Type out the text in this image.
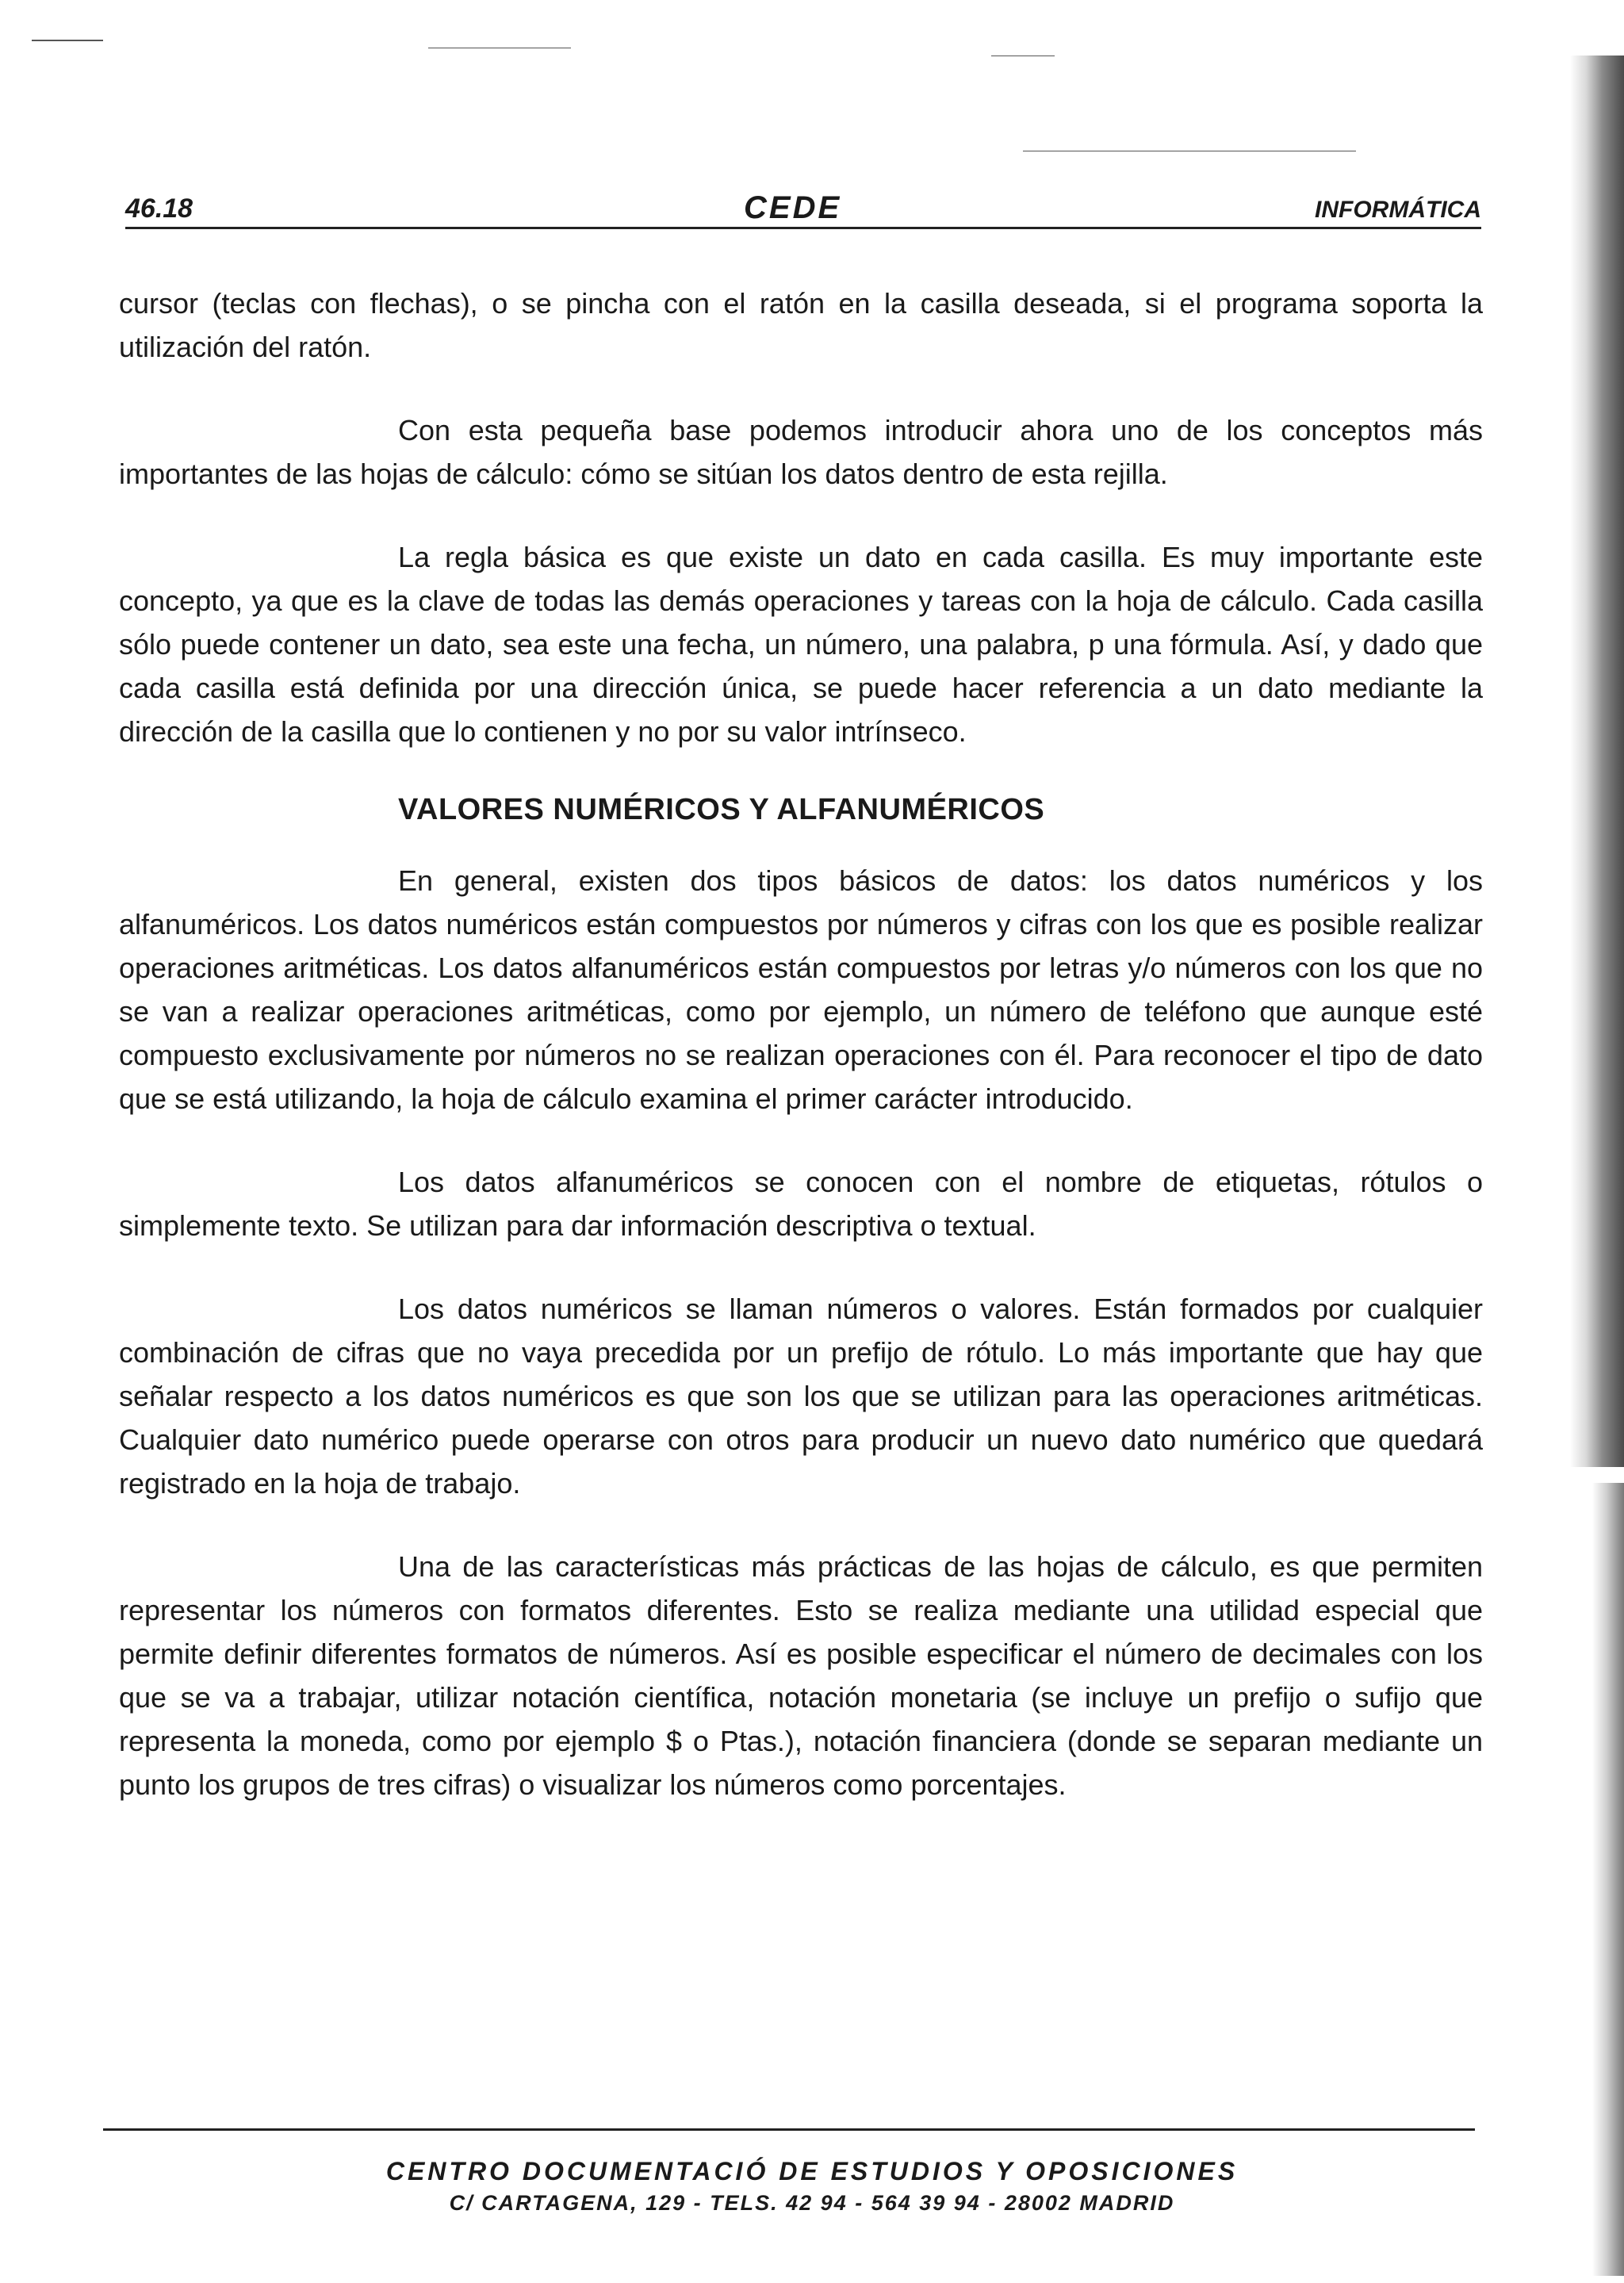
46.18	CEDE	INFORMÁTICA

cursor (teclas con flechas), o se pincha con el ratón en la casilla deseada, si el programa soporta la utilización del ratón.

Con esta pequeña base podemos introducir ahora uno de los conceptos más importantes de las hojas de cálculo: cómo se sitúan los datos dentro de esta rejilla.

La regla básica es que existe un dato en cada casilla. Es muy importante este concepto, ya que es la clave de todas las demás operaciones y tareas con la hoja de cálculo. Cada casilla sólo puede contener un dato, sea este una fecha, un número, una palabra, p una fórmula. Así, y dado que cada casilla está definida por una dirección única, se puede hacer referencia a un dato mediante la dirección de la casilla que lo contienen y no por su valor intrínseco.

VALORES NUMÉRICOS Y ALFANUMÉRICOS

En general, existen dos tipos básicos de datos: los datos numéricos y los alfanuméricos. Los datos numéricos están compuestos por números y cifras con los que es posible realizar operaciones aritméticas. Los datos alfanuméricos están compuestos por letras y/o números con los que no se van a realizar operaciones aritméticas, como por ejemplo, un número de teléfono que aunque esté compuesto exclusivamente por números no se realizan operaciones con él. Para reconocer el tipo de dato que se está utilizando, la hoja de cálculo examina el primer carácter introducido.

Los datos alfanuméricos se conocen con el nombre de etiquetas, rótulos o simplemente texto. Se utilizan para dar información descriptiva o textual.

Los datos numéricos se llaman números o valores. Están formados por cualquier combinación de cifras que no vaya precedida por un prefijo de rótulo. Lo más importante que hay que señalar respecto a los datos numéricos es que son los que se utilizan para las operaciones aritméticas. Cualquier dato numérico puede operarse con otros para producir un nuevo dato numérico que quedará registrado en la hoja de trabajo.

Una de las características más prácticas de las hojas de cálculo, es que permiten representar los números con formatos diferentes. Esto se realiza mediante una utilidad especial que permite definir diferentes formatos de números. Así es posible especificar el número de decimales con los que se va a trabajar, utilizar notación científica, notación monetaria (se incluye un prefijo o sufijo que representa la moneda, como por ejemplo $ o Ptas.), notación financiera (donde se separan mediante un punto los grupos de tres cifras) o visualizar los números como porcentajes.

CENTRO DOCUMENTACIÓ DE ESTUDIOS Y OPOSICIONES
C/ CARTAGENA, 129 - TELS. 42 94 - 564 39 94 - 28002 MADRID
